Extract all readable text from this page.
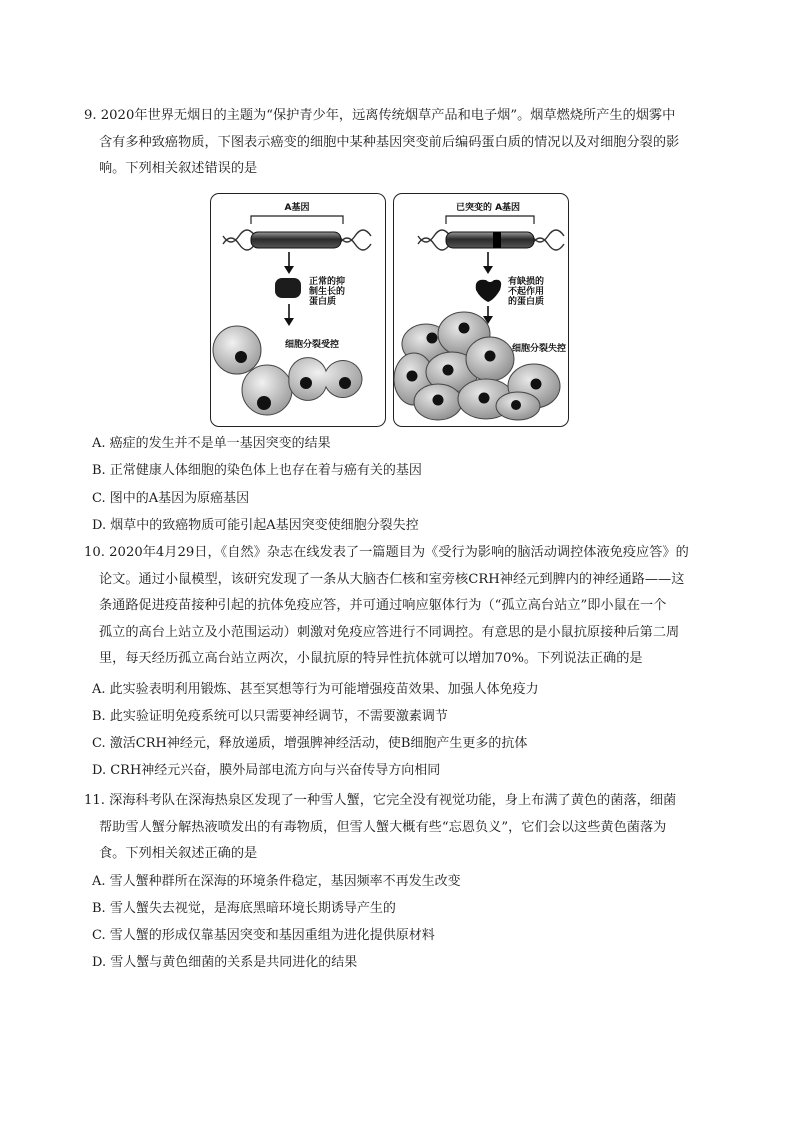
9. 2020年世界无烟日的主题为“保护青少年，远离传统烟草产品和电子烟”。烟草燃烧所产生的烟雾中

含有多种致癌物质，下图表示癌变的细胞中某种基因突变前后编码蛋白质的情况以及对细胞分裂的影

响。下列相关叙述错误的是

A基因
正常的抑
制生长的
蛋白质
细胞分裂受控
已突变的 A基因
有缺损的
不起作用
的蛋白质
细胞分裂失控
A. 癌症的发生并不是单一基因突变的结果
B. 正常健康人体细胞的染色体上也存在着与癌有关的基因
C. 图中的A基因为原癌基因
D. 烟草中的致癌物质可能引起A基因突变使细胞分裂失控

10. 2020年4月29日，《自然》杂志在线发表了一篇题目为《受行为影响的脑活动调控体液免疫应答》的

论文。通过小鼠模型，该研究发现了一条从大脑杏仁核和室旁核CRH神经元到脾内的神经通路——这

条通路促进疫苗接种引起的抗体免疫应答，并可通过响应躯体行为（“孤立高台站立”即小鼠在一个

孤立的高台上站立及小范围运动）刺激对免疫应答进行不同调控。有意思的是小鼠抗原接种后第二周

里，每天经历孤立高台站立两次，小鼠抗原的特异性抗体就可以增加70%。下列说法正确的是

A. 此实验表明利用锻炼、甚至冥想等行为可能增强疫苗效果、加强人体免疫力
B. 此实验证明免疫系统可以只需要神经调节，不需要激素调节
C. 激活CRH神经元，释放递质，增强脾神经活动，使B细胞产生更多的抗体
D. CRH神经元兴奋，膜外局部电流方向与兴奋传导方向相同

11. 深海科考队在深海热泉区发现了一种雪人蟹，它完全没有视觉功能，身上布满了黄色的菌落，细菌

帮助雪人蟹分解热液喷发出的有毒物质，但雪人蟹大概有些“忘恩负义”，它们会以这些黄色菌落为

食。下列相关叙述正确的是

A. 雪人蟹种群所在深海的环境条件稳定，基因频率不再发生改变
B. 雪人蟹失去视觉，是海底黑暗环境长期诱导产生的
C. 雪人蟹的形成仅靠基因突变和基因重组为进化提供原材料
D. 雪人蟹与黄色细菌的关系是共同进化的结果
